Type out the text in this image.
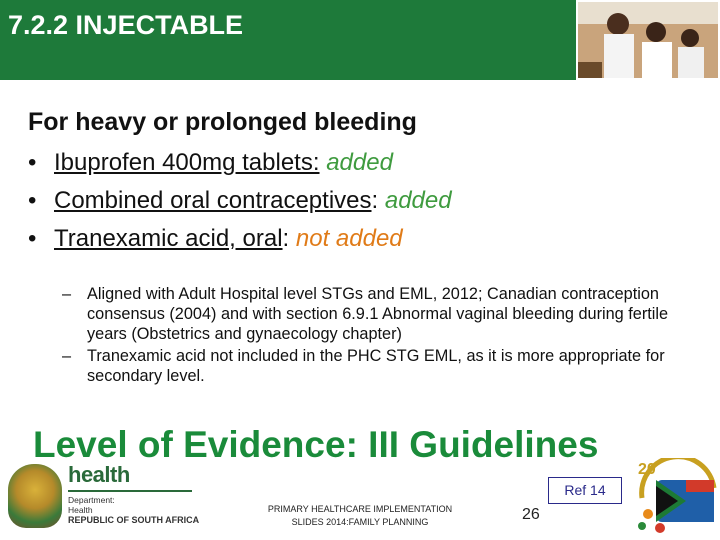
7.2.2 INJECTABLE
For heavy or prolonged bleeding
• Ibuprofen 400mg tablets: added
• Combined oral contraceptives: added
• Tranexamic acid, oral: not added
– Aligned with Adult Hospital level STGs and EML, 2012; Canadian contraception consensus (2004) and with section 6.9.1 Abnormal vaginal bleeding during fertile years (Obstetrics and gynaecology chapter)
– Tranexamic acid not included in the PHC STG EML, as it is more appropriate for secondary level.
Level of Evidence: III Guidelines
health
Department:
Health
REPUBLIC OF SOUTH AFRICA
PRIMARY HEALTHCARE IMPLEMENTATION
SLIDES 2014:FAMILY PLANNING	26
Ref 14
20
